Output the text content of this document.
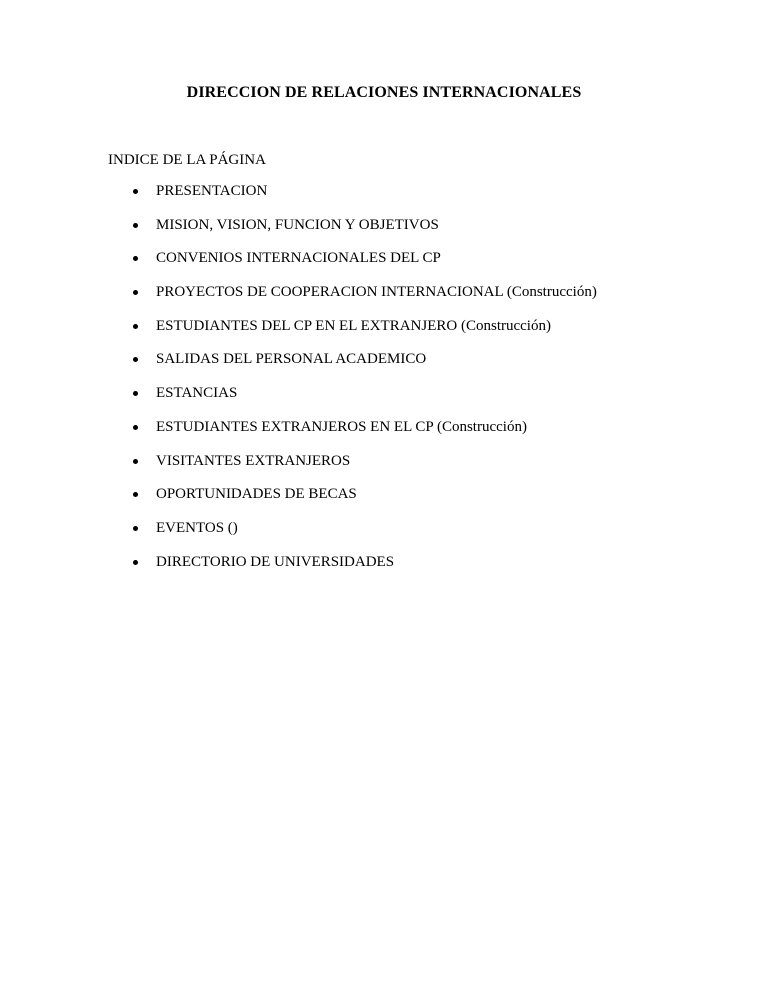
DIRECCION DE RELACIONES INTERNACIONALES

INDICE DE LA PÁGINA

PRESENTACION
MISION, VISION, FUNCION Y OBJETIVOS
CONVENIOS INTERNACIONALES DEL CP
PROYECTOS DE COOPERACION INTERNACIONAL (Construcción)
ESTUDIANTES DEL CP EN EL EXTRANJERO (Construcción)
SALIDAS DEL PERSONAL ACADEMICO
ESTANCIAS
ESTUDIANTES EXTRANJEROS EN EL CP (Construcción)
VISITANTES EXTRANJEROS
OPORTUNIDADES DE BECAS
EVENTOS ()
DIRECTORIO DE UNIVERSIDADES
